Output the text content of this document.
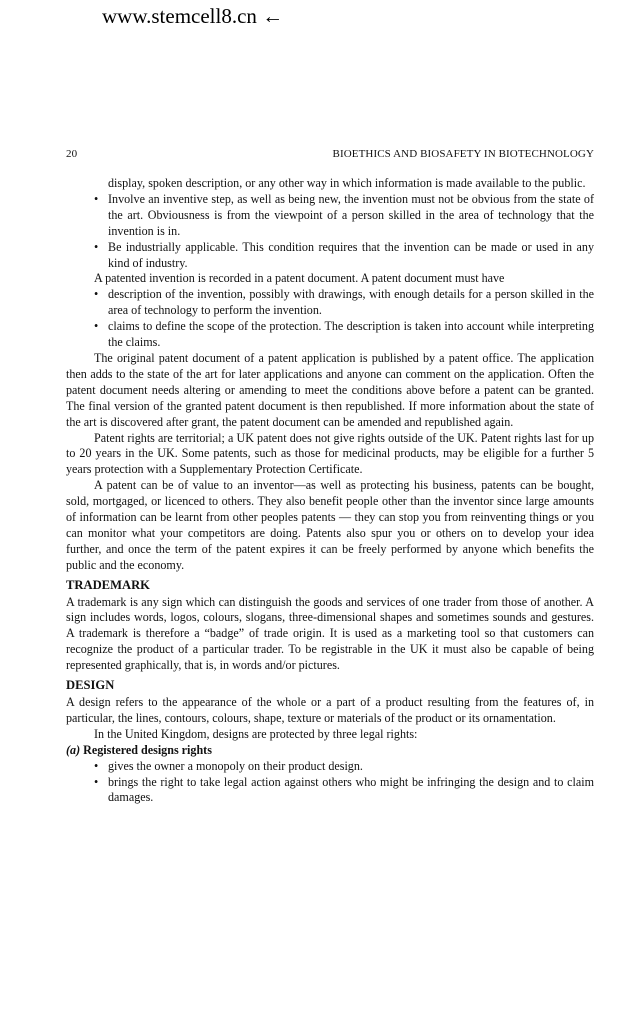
www.stemcell8.cn ←
20	BIOETHICS AND BIOSAFETY IN BIOTECHNOLOGY

display, spoken description, or any other way in which information is made available to the public.

• Involve an inventive step, as well as being new, the invention must not be obvious from the state of the art. Obviousness is from the viewpoint of a person skilled in the area of technology that the invention is in.
• Be industrially applicable. This condition requires that the invention can be made or used in any kind of industry.

A patented invention is recorded in a patent document. A patent document must have

• description of the invention, possibly with drawings, with enough details for a person skilled in the area of technology to perform the invention.
• claims to define the scope of the protection. The description is taken into account while interpreting the claims.

The original patent document of a patent application is published by a patent office. The application then adds to the state of the art for later applications and anyone can comment on the application. Often the patent document needs altering or amending to meet the conditions above before a patent can be granted. The final version of the granted patent document is then republished. If more information about the state of the art is discovered after grant, the patent document can be amended and republished again.

Patent rights are territorial; a UK patent does not give rights outside of the UK. Patent rights last for up to 20 years in the UK. Some patents, such as those for medicinal products, may be eligible for a further 5 years protection with a Supplementary Protection Certificate.

A patent can be of value to an inventor—as well as protecting his business, patents can be bought, sold, mortgaged, or licenced to others. They also benefit people other than the inventor since large amounts of information can be learnt from other peoples patents — they can stop you from reinventing things or you can monitor what your competitors are doing. Patents also spur you or others on to develop your idea further, and once the term of the patent expires it can be freely performed by anyone which benefits the public and the economy.

TRADEMARK

A trademark is any sign which can distinguish the goods and services of one trader from those of another. A sign includes words, logos, colours, slogans, three-dimensional shapes and sometimes sounds and gestures. A trademark is therefore a “badge” of trade origin. It is used as a marketing tool so that customers can recognize the product of a particular trader. To be registrable in the UK it must also be capable of being represented graphically, that is, in words and/or pictures.

DESIGN

A design refers to the appearance of the whole or a part of a product resulting from the features of, in particular, the lines, contours, colours, shape, texture or materials of the product or its ornamentation.

In the United Kingdom, designs are protected by three legal rights:

(a) Registered designs rights
• gives the owner a monopoly on their product design.
• brings the right to take legal action against others who might be infringing the design and to claim damages.
